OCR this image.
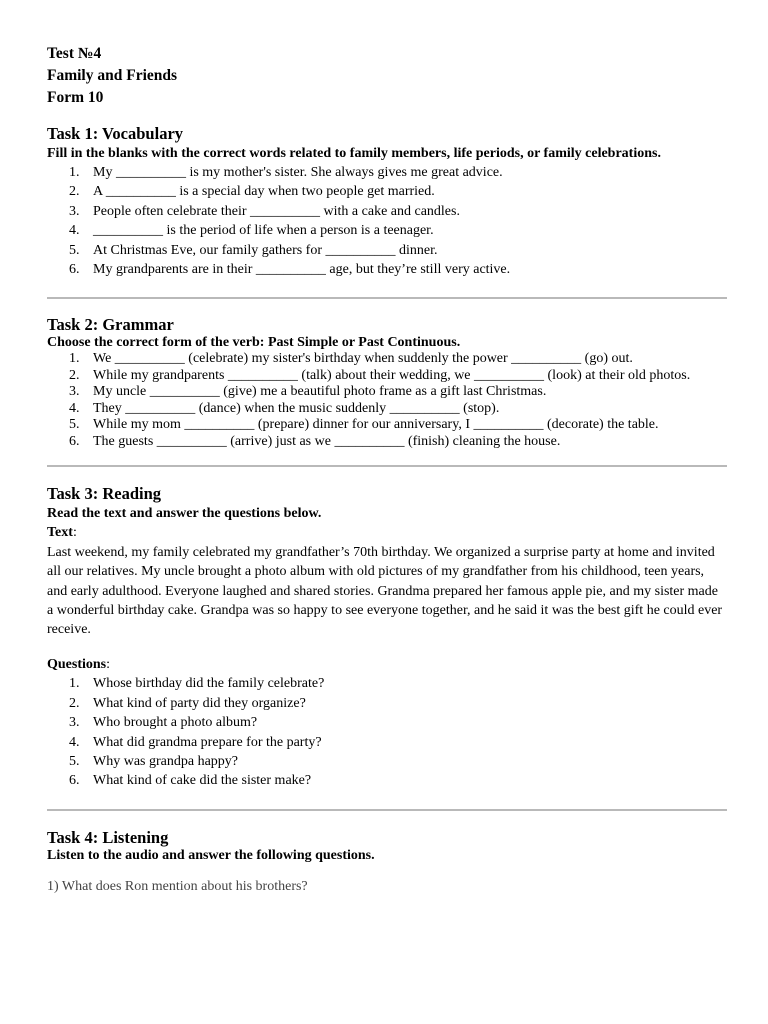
Test №4
Family and Friends
Form 10
Task 1: Vocabulary
Fill in the blanks with the correct words related to family members, life periods, or family celebrations.
1. My __________ is my mother's sister. She always gives me great advice.
2. A __________ is a special day when two people get married.
3. People often celebrate their __________ with a cake and candles.
4. __________ is the period of life when a person is a teenager.
5. At Christmas Eve, our family gathers for __________ dinner.
6. My grandparents are in their __________ age, but they’re still very active.
Task 2: Grammar
Choose the correct form of the verb: Past Simple or Past Continuous.
1. We __________ (celebrate) my sister's birthday when suddenly the power __________ (go) out.
2. While my grandparents __________ (talk) about their wedding, we __________ (look) at their old photos.
3. My uncle __________ (give) me a beautiful photo frame as a gift last Christmas.
4. They __________ (dance) when the music suddenly __________ (stop).
5. While my mom __________ (prepare) dinner for our anniversary, I __________ (decorate) the table.
6. The guests __________ (arrive) just as we __________ (finish) cleaning the house.
Task 3: Reading
Read the text and answer the questions below.
Text:
Last weekend, my family celebrated my grandfather’s 70th birthday. We organized a surprise party at home and invited all our relatives. My uncle brought a photo album with old pictures of my grandfather from his childhood, teen years, and early adulthood. Everyone laughed and shared stories. Grandma prepared her famous apple pie, and my sister made a wonderful birthday cake. Grandpa was so happy to see everyone together, and he said it was the best gift he could ever receive.
Questions:
1. Whose birthday did the family celebrate?
2. What kind of party did they organize?
3. Who brought a photo album?
4. What did grandma prepare for the party?
5. Why was grandpa happy?
6. What kind of cake did the sister make?
Task 4: Listening
Listen to the audio and answer the following questions.
1) What does Ron mention about his brothers?
